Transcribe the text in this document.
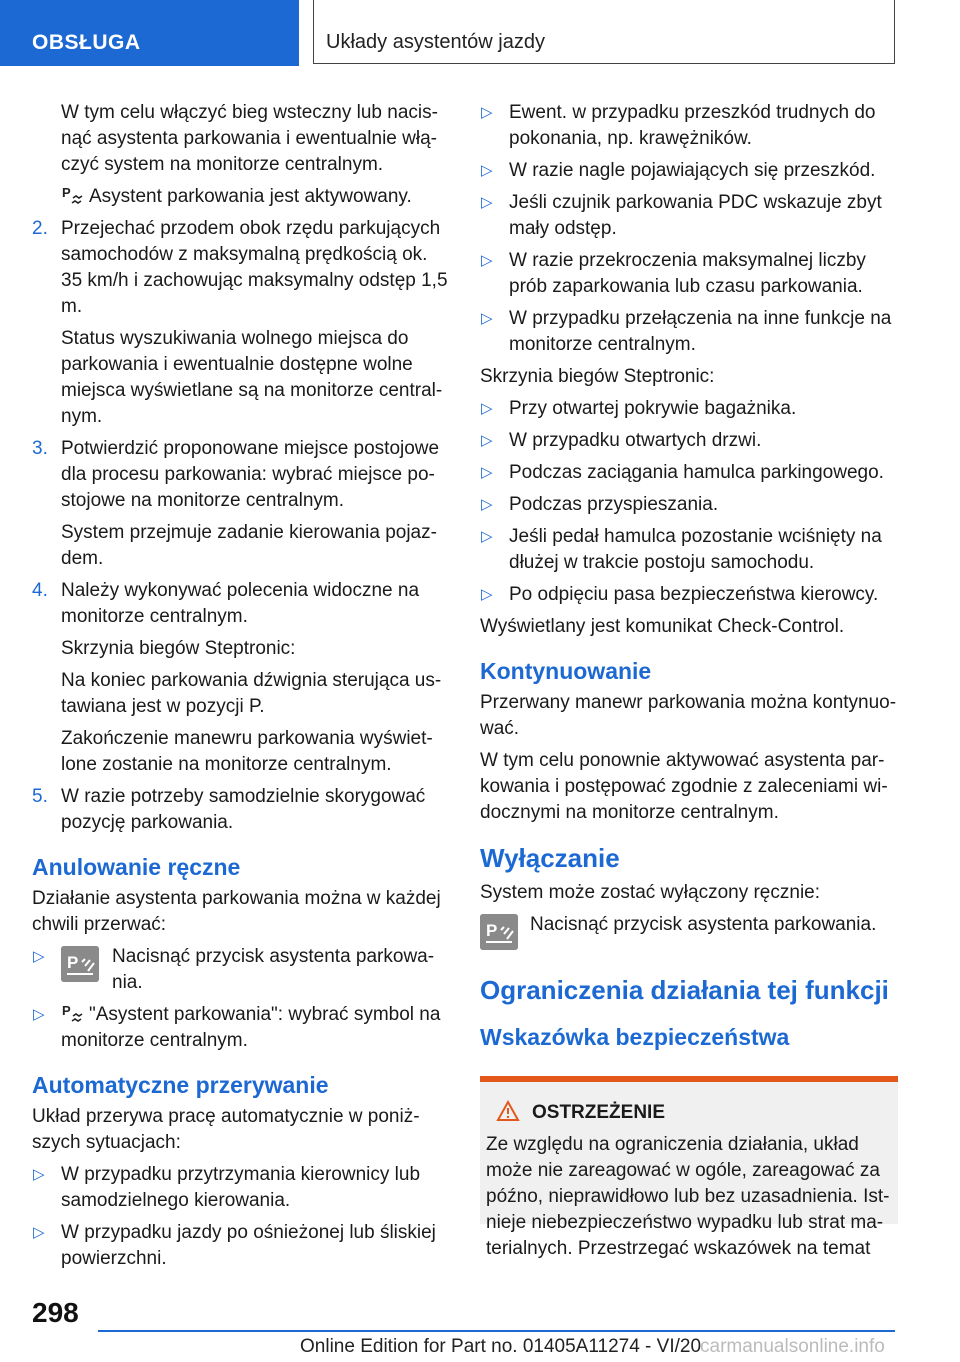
OBSŁUGA	Układy asystentów jazdy

W tym celu włączyć bieg wsteczny lub nacis‐nąć asystenta parkowania i ewentualnie włą‐czyć system na monitorze centralnym.

P Asystent parkowania jest aktywowany.

2. Przejechać przodem obok rzędu parkujących samochodów z maksymalną prędkością ok. 35 km/h i zachowując maksymalny odstęp 1,5 m.

Status wyszukiwania wolnego miejsca do parkowania i ewentualnie dostępne wolne miejsca wyświetlane są na monitorze central‐nym.

3. Potwierdzić proponowane miejsce postojowe dla procesu parkowania: wybrać miejsce po‐stojowe na monitorze centralnym.

System przejmuje zadanie kierowania pojaz‐dem.

4. Należy wykonywać polecenia widoczne na monitorze centralnym.

Skrzynia biegów Steptronic:

Na koniec parkowania dźwignia sterująca us‐tawiana jest w pozycji P.

Zakończenie manewru parkowania wyświet‐lone zostanie na monitorze centralnym.

5. W razie potrzeby samodzielnie skorygować pozycję parkowania.
Anulowanie ręczne

Działanie asystenta parkowania można w każdej chwili przerwać:

▷ P Nacisnąć przycisk asystenta parkowa‐nia.
▷ P "Asystent parkowania": wybrać symbol na monitorze centralnym.
Automatyczne przerywanie

Układ przerywa pracę automatycznie w poniż‐szych sytuacjach:

▷ W przypadku przytrzymania kierownicy lub samodzielnego kierowania.
▷ W przypadku jazdy po ośnieżonej lub śliskiej powierzchni.
▷ Ewent. w przypadku przeszkód trudnych do pokonania, np. krawężników.
▷ W razie nagle pojawiających się przeszkód.
▷ Jeśli czujnik parkowania PDC wskazuje zbyt mały odstęp.
▷ W razie przekroczenia maksymalnej liczby prób zaparkowania lub czasu parkowania.
▷ W przypadku przełączenia na inne funkcje na monitorze centralnym.

Skrzynia biegów Steptronic:

▷ Przy otwartej pokrywie bagażnika.
▷ W przypadku otwartych drzwi.
▷ Podczas zaciągania hamulca parkingowego.
▷ Podczas przyspieszania.
▷ Jeśli pedał hamulca pozostanie wciśnięty na dłużej w trakcie postoju samochodu.
▷ Po odpięciu pasa bezpieczeństwa kierowcy.

Wyświetlany jest komunikat Check-Control.

Kontynuowanie

Przerwany manewr parkowania można kontynuo‐wać.

W tym celu ponownie aktywować asystenta par‐kowania i postępować zgodnie z zaleceniami wi‐docznymi na monitorze centralnym.

Wyłączanie

System może zostać wyłączony ręcznie:

P Nacisnąć przycisk asystenta parkowania.
Ograniczenia działania tej funkcji
Wskazówka bezpieczeństwa
OSTRZEŻENIE

Ze względu na ograniczenia działania, układ może nie zareagować w ogóle, zareagować za późno, nieprawidłowo lub bez uzasadnienia. Ist‐nieje niebezpieczeństwo wypadku lub strat ma‐terialnych. Przestrzegać wskazówek na temat

298
Online Edition for Part no. 01405A11274 - VI/20
carmanualsonline.info
